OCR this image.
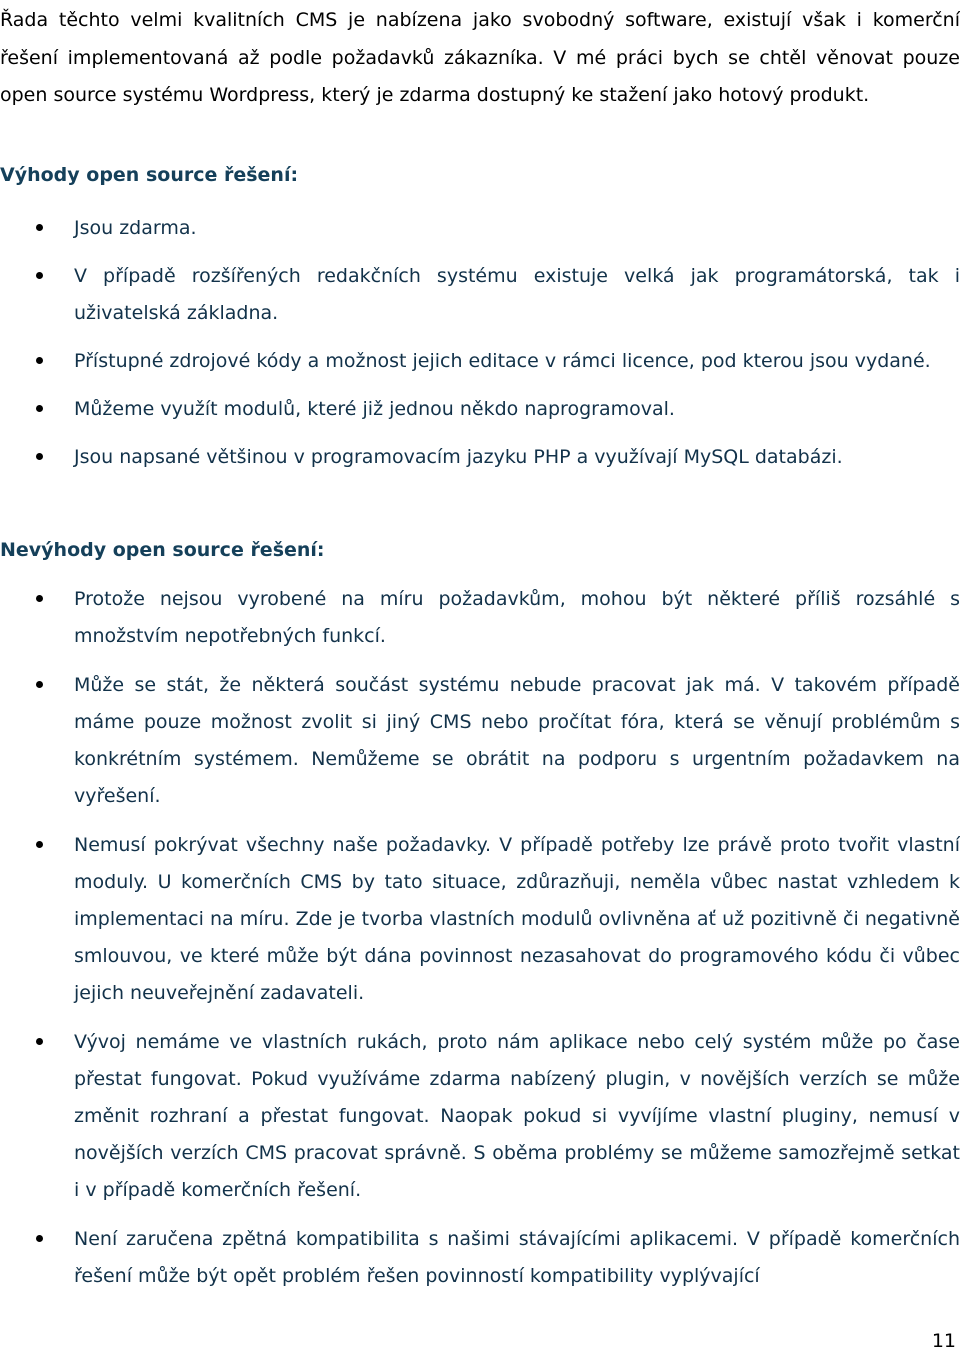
Řada těchto velmi kvalitních CMS je nabízena jako svobodný software, existují však i komerční řešení implementovaná až podle požadavků zákazníka. V mé práci bych se chtěl věnovat pouze open source systému Wordpress, který je zdarma dostupný ke stažení jako hotový produkt.

Výhody open source řešení:
Jsou zdarma.
V případě rozšířených redakčních systému existuje velká jak programátorská, tak i uživatelská základna.
Přístupné zdrojové kódy a možnost jejich editace v rámci licence, pod kterou jsou vydané.
Můžeme využít modulů, které již jednou někdo naprogramoval.
Jsou napsané většinou v programovacím jazyku PHP a využívají MySQL databázi.
Nevýhody open source řešení:
Protože nejsou vyrobené na míru požadavkům, mohou být některé příliš rozsáhlé s množstvím nepotřebných funkcí.
Může se stát, že některá součást systému nebude pracovat jak má. V takovém případě máme pouze možnost zvolit si jiný CMS nebo pročítat fóra, která se věnují problémům s konkrétním systémem. Nemůžeme se obrátit na podporu s urgentním požadavkem na vyřešení.
Nemusí pokrývat všechny naše požadavky. V případě potřeby lze právě proto tvořit vlastní moduly. U komerčních CMS by tato situace, zdůrazňuji, neměla vůbec nastat vzhledem k implementaci na míru. Zde je tvorba vlastních modulů ovlivněna ať už pozitivně či negativně smlouvou, ve které může být dána povinnost nezasahovat do programového kódu či vůbec jejich neuveřejnění zadavateli.
Vývoj nemáme ve vlastních rukách, proto nám aplikace nebo celý systém může po čase přestat fungovat. Pokud využíváme zdarma nabízený plugin, v novějších verzích se může změnit rozhraní a přestat fungovat. Naopak pokud si vyvíjíme vlastní pluginy, nemusí v novějších verzích CMS pracovat správně. S oběma problémy se můžeme samozřejmě setkat i v případě komerčních řešení.
Není zaručena zpětná kompatibilita s našimi stávajícími aplikacemi. V případě komerčních řešení může být opět problém řešen povinností kompatibility vyplývající
11
